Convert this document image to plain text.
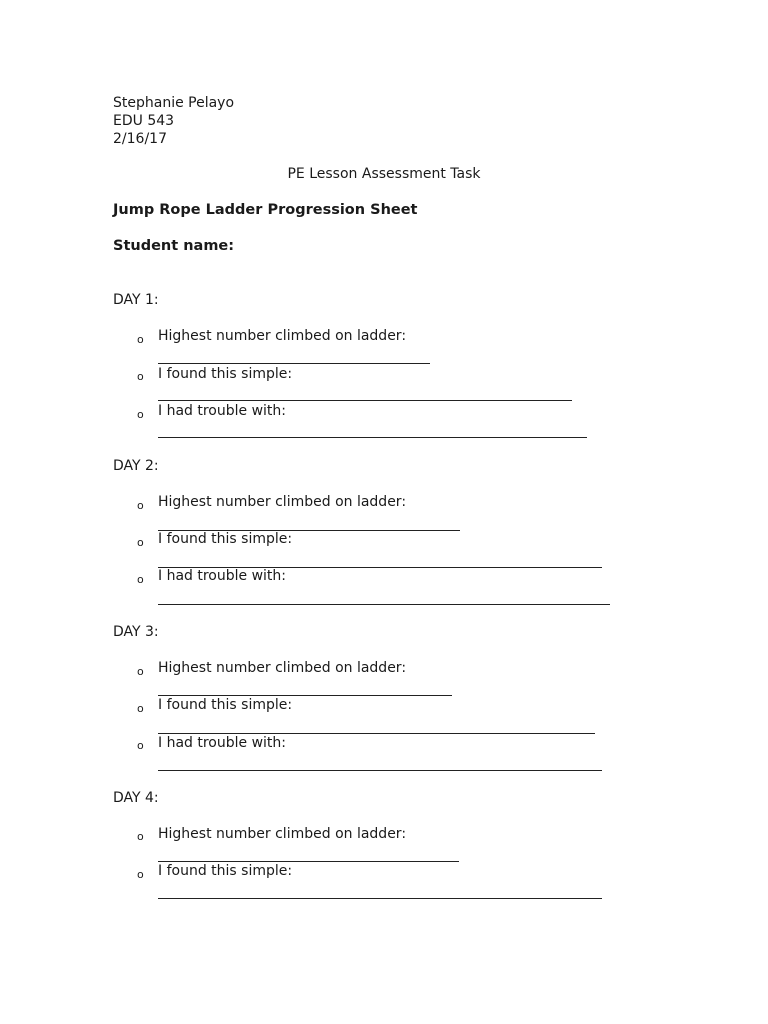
Stephanie Pelayo
EDU 543
2/16/17
PE Lesson Assessment Task
Jump Rope Ladder Progression Sheet
Student name:
DAY 1:
o Highest number climbed on ladder:
o I found this simple:
o I had trouble with:
DAY 2:
o Highest number climbed on ladder:
o I found this simple:
o I had trouble with:
DAY 3:
o Highest number climbed on ladder:
o I found this simple:
o I had trouble with:
DAY 4:
o Highest number climbed on ladder:
o I found this simple:
